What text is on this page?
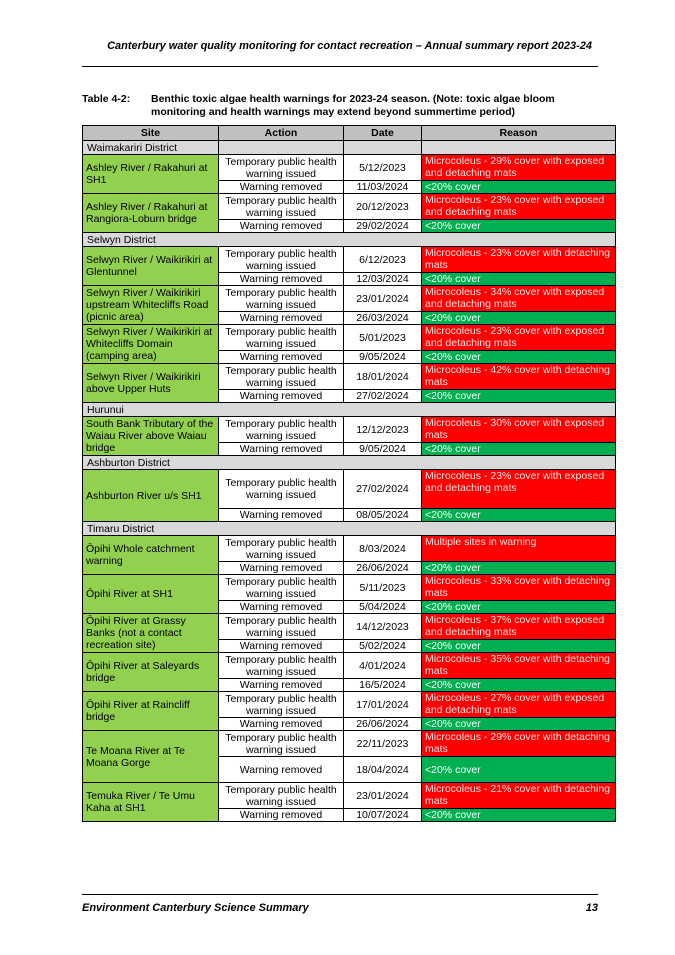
Canterbury water quality monitoring for contact recreation – Annual summary report 2023-24
Table 4-2: Benthic toxic algae health warnings for 2023-24 season. (Note: toxic algae bloom monitoring and health warnings may extend beyond summertime period)
Site	Action	Date	Reason
Waimakariri District			
Ashley River / Rakahuri at SH1	Temporary public health warning issued	5/12/2023	Microcoleus - 29% cover with exposed and detaching mats
	Warning removed	11/03/2024	<20% cover
Ashley River / Rakahuri at Rangiora-Loburn bridge	Temporary public health warning issued	20/12/2023	Microcoleus - 23% cover with exposed and detaching mats
	Warning removed	29/02/2024	<20% cover
Selwyn District			
Selwyn River / Waikirikiri at Glentunnel	Temporary public health warning issued	6/12/2023	Microcoleus - 23% cover with detaching mats
	Warning removed	12/03/2024	<20% cover
Selwyn River / Waikirikiri upstream Whitecliffs Road (picnic area)	Temporary public health warning issued	23/01/2024	Microcoleus - 34% cover with exposed and detaching mats
	Warning removed	26/03/2024	<20% cover
Selwyn River / Waikirikiri at Whitecliffs Domain (camping area)	Temporary public health warning issued	5/01/2023	Microcoleus - 23% cover with exposed and detaching mats
	Warning removed	9/05/2024	<20% cover
Selwyn River / Waikirikiri above Upper Huts	Temporary public health warning issued	18/01/2024	Microcoleus - 42% cover with detaching mats
	Warning removed	27/02/2024	<20% cover
Hurunui			
South Bank Tributary of the Waiau River above Waiau bridge	Temporary public health warning issued	12/12/2023	Microcoleus - 30% cover with exposed mats
	Warning removed	9/05/2024	<20% cover
Ashburton District			
Ashburton River u/s SH1	Temporary public health warning issued	27/02/2024	Microcoleus - 23% cover with exposed and detaching mats
	Warning removed	08/05/2024	<20% cover
Timaru District			
Ōpihi Whole catchment warning	Temporary public health warning issued	8/03/2024	Multiple sites in warning
	Warning removed	26/06/2024	<20% cover
Ōpihi River at SH1	Temporary public health warning issued	5/11/2023	Microcoleus - 33% cover with detaching mats
	Warning removed	5/04/2024	<20% cover
Ōpihi River at Grassy Banks (not a contact recreation site)	Temporary public health warning issued	14/12/2023	Microcoleus - 37% cover with exposed and detaching mats
	Warning removed	5/02/2024	<20% cover
Ōpihi River at Saleyards bridge	Temporary public health warning issued	4/01/2024	Microcoleus - 35% cover with detaching mats
	Warning removed	16/5/2024	<20% cover
Ōpihi River at Raincliff bridge	Temporary public health warning issued	17/01/2024	Microcoleus - 27% cover with exposed and detaching mats
	Warning removed	26/06/2024	<20% cover
Te Moana River at Te Moana Gorge	Temporary public health warning issued	22/11/2023	Microcoleus - 29% cover with detaching mats
	Warning removed	18/04/2024	<20% cover
Temuka River / Te Umu Kaha at SH1	Temporary public health warning issued	23/01/2024	Microcoleus - 21% cover with detaching mats
	Warning removed	10/07/2024	<20% cover
Environment Canterbury Science Summary	13
